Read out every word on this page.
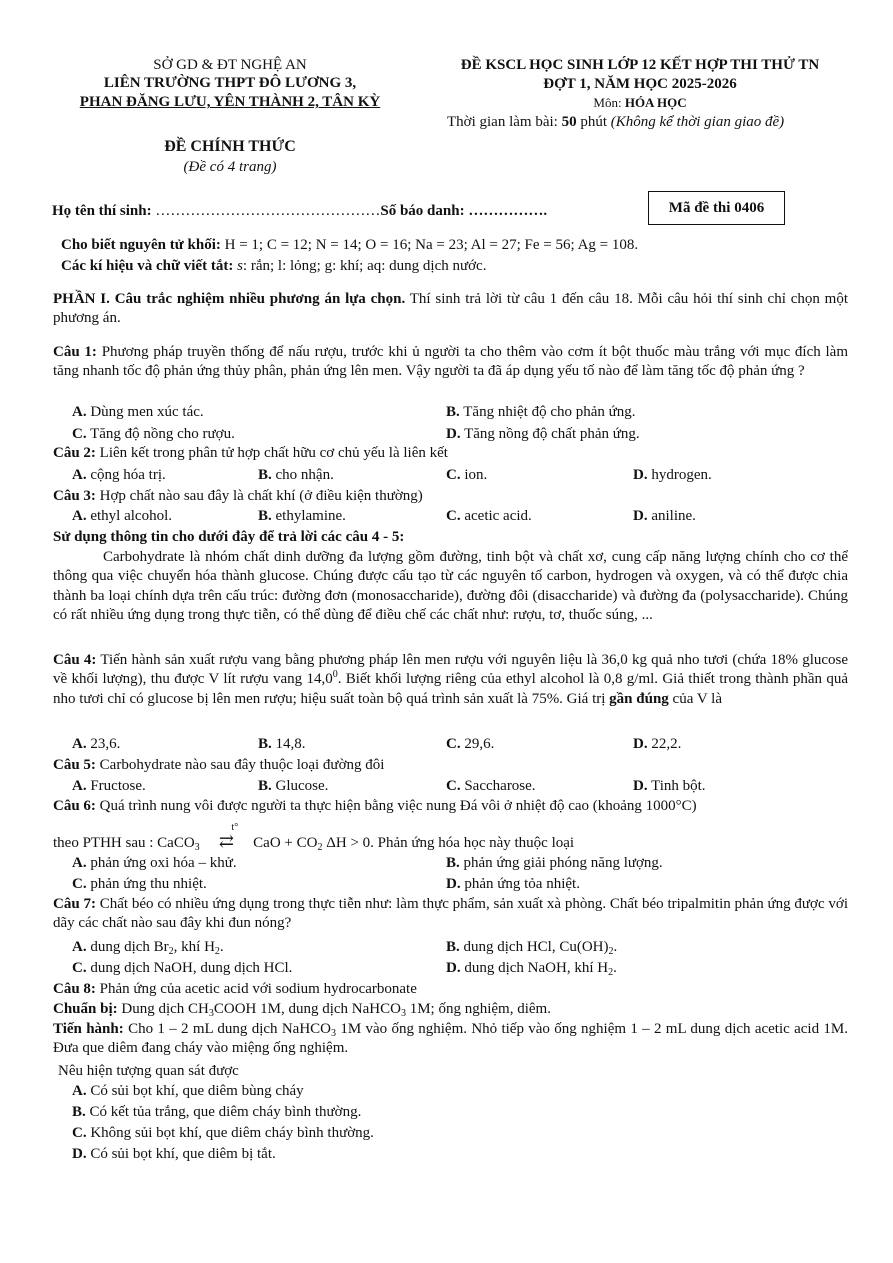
SỞ GD & ĐT NGHỆ AN
LIÊN TRƯỜNG THPT ĐÔ LƯƠNG 3,
PHAN ĐĂNG LƯU, YÊN THÀNH 2, TÂN KỲ
ĐỀ CHÍNH THỨC
(Đề có 4 trang)
ĐỀ KSCL HỌC SINH LỚP 12 KẾT HỢP THI THỬ TN
ĐỢT 1, NĂM HỌC 2025-2026
Môn: HÓA HỌC
Thời gian làm bài: 50 phút (Không kể thời gian giao đề)
Họ tên thí sinh: ………………………………………Số báo danh: …………….	Mã đề thi 0406
Cho biết nguyên tử khối: H = 1; C = 12; N = 14; O = 16; Na = 23; Al = 27; Fe = 56; Ag = 108.
Các kí hiệu và chữ viết tắt: s: rắn; l: lỏng; g: khí; aq: dung dịch nước.
PHẦN I. Câu trắc nghiệm nhiều phương án lựa chọn. Thí sinh trả lời từ câu 1 đến câu 18. Mỗi câu hỏi thí sinh chỉ chọn một phương án.
Câu 1: Phương pháp truyền thống để nấu rượu, trước khi ủ người ta cho thêm vào cơm ít bột thuốc màu trắng với mục đích làm tăng nhanh tốc độ phản ứng thủy phân, phản ứng lên men. Vậy người ta đã áp dụng yếu tố nào để làm tăng tốc độ phản ứng ?
A. Dùng men xúc tác.	B. Tăng nhiệt độ cho phản ứng.
C. Tăng độ nồng cho rượu.	D. Tăng nồng độ chất phản ứng.
Câu 2: Liên kết trong phân tử hợp chất hữu cơ chủ yếu là liên kết
A. cộng hóa trị.	B. cho nhận.	C. ion.	D. hydrogen.
Câu 3: Hợp chất nào sau đây là chất khí (ở điều kiện thường)
A. ethyl alcohol.	B. ethylamine.	C. acetic acid.	D. aniline.
Sử dụng thông tin cho dưới đây để trả lời các câu 4 - 5:
Carbohydrate là nhóm chất dinh dưỡng đa lượng gồm đường, tinh bột và chất xơ, cung cấp năng lượng chính cho cơ thể thông qua việc chuyển hóa thành glucose. Chúng được cấu tạo từ các nguyên tố carbon, hydrogen và oxygen, và có thể được chia thành ba loại chính dựa trên cấu trúc: đường đơn (monosaccharide), đường đôi (disaccharide) và đường đa (polysaccharide). Chúng có rất nhiều ứng dụng trong thực tiễn, có thể dùng để điều chế các chất như: rượu, tơ, thuốc súng, ...
Câu 4: Tiến hành sản xuất rượu vang bằng phương pháp lên men rượu với nguyên liệu là 36,0 kg quả nho tươi (chứa 18% glucose về khối lượng), thu được V lít rượu vang 14,0$^0$. Biết khối lượng riêng của ethyl alcohol là 0,8 g/ml. Giả thiết trong thành phần quả nho tươi chỉ có glucose bị lên men rượu; hiệu suất toàn bộ quá trình sản xuất là 75%. Giá trị gần đúng của V là
A. 23,6.	B. 14,8.	C. 29,6.	D. 22,2.
Câu 5: Carbohydrate nào sau đây thuộc loại đường đôi
A. Fructose.	B. Glucose.	C. Saccharose.	D. Tinh bột.
Câu 6: Quá trình nung vôi được người ta thực hiện bằng việc nung Đá vôi ở nhiệt độ cao (khoảng 1000°C)
theo PTHH sau : CaCO$_3$
t°
⇄ CaO + $CO_2$ ΔH > 0. Phản ứng hóa học này thuộc loại
A. phản ứng oxi hóa – khử.	B. phản ứng giải phóng năng lượng.
C. phản ứng thu nhiệt.	D. phản ứng tỏa nhiệt.
Câu 7: Chất béo có nhiều ứng dụng trong thực tiễn như: làm thực phẩm, sản xuất xà phòng. Chất béo tripalmitin phản ứng được với dãy các chất nào sau đây khi đun nóng?
A. dung dịch $Br_2$, khí $H_2$.	B. dung dịch HCl, $Cu(OH)_2$.
C. dung dịch NaOH, dung dịch HCl.	D. dung dịch NaOH, khí $H_2$.
Câu 8: Phản ứng của acetic acid với sodium hydrocarbonate
Chuẩn bị: Dung dịch $CH_3COOH$ 1M, dung dịch NaHCO$_3$ 1M; ống nghiệm, diêm.
Tiến hành: Cho 1 – 2 mL dung dịch NaHCO$_3$ 1M vào ống nghiệm. Nhỏ tiếp vào ống nghiệm 1 – 2 mL dung dịch acetic acid 1M. Đưa que diêm đang cháy vào miệng ống nghiệm.
Nêu hiện tượng quan sát được
A. Có sủi bọt khí, que diêm bùng cháy
B. Có kết tủa trắng, que diêm cháy bình thường.
C. Không sủi bọt khí, que diêm cháy bình thường.
D. Có sủi bọt khí, que diêm bị tắt.
